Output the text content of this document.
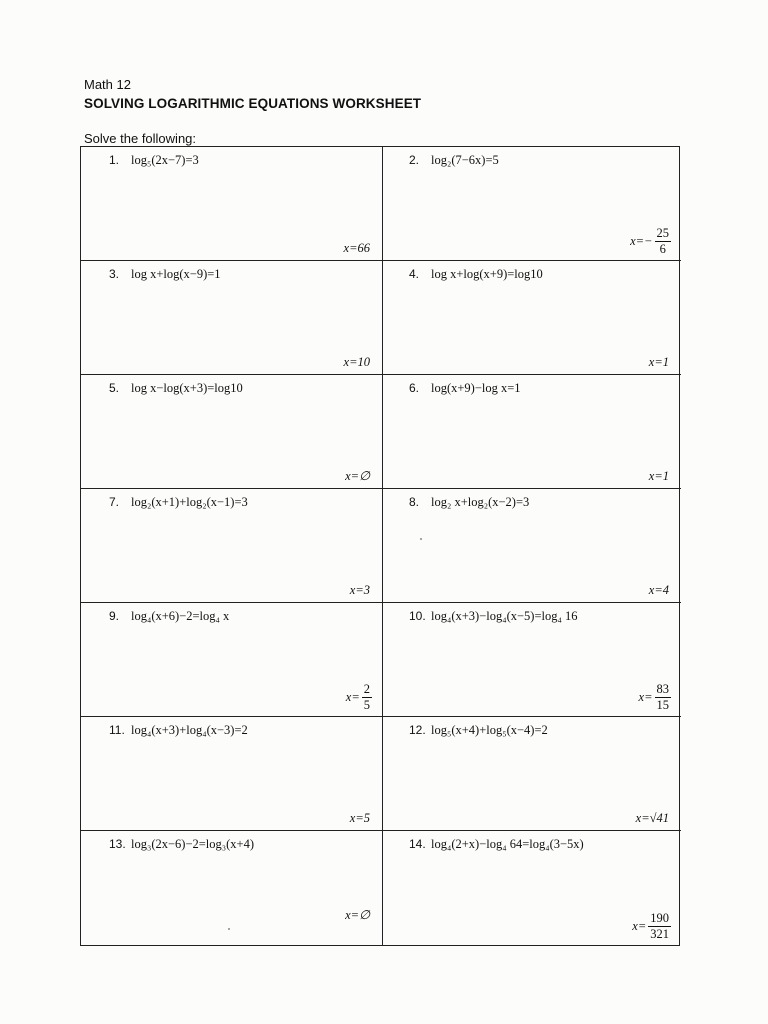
Math 12
SOLVING LOGARITHMIC EQUATIONS WORKSHEET
Solve the following:
1. log₅(2x−7)=3
x=66
2. log₂(7−6x)=5
$x=- \frac{25}{6}$
3. log x+log(x−9)=1
x=10
4. log x+log(x+9)=log10
x=1
5. log x−log(x+3)=log10
x=∅
6. log(x+9)−log x=1
x=1
7. log₂(x+1)+log₂(x−1)=3
x=3
8. log₂ x+log₂(x−2)=3
x=4
9. log₄(x+6)−2=log₄ x
$x= \frac{2}{5}$
10. log₄(x+3)−log₄(x−5)=log₄ 16
$x= \frac{83}{15}$
11. log₄(x+3)+log₄(x−3)=2
x=5
12. log₅(x+4)+log₅(x−4)=2
x=√41
13. log₃(2x−6)−2=log₃(x+4)
x=∅
14. log₄(2+x)−log₄ 64=log₄(3−5x)
$x= \frac{190}{321}$
